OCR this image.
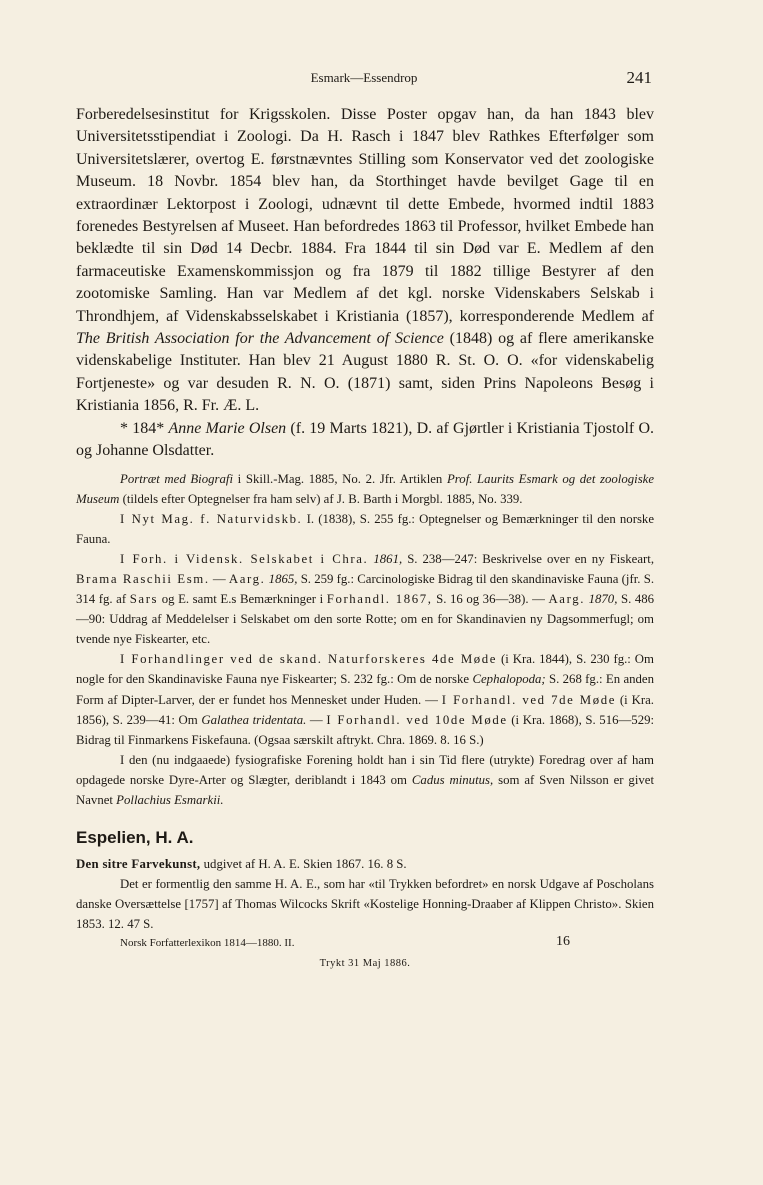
Esmark—Essendrop	241

Forberedelsesinstitut for Krigsskolen. Disse Poster opgav han, da han 1843 blev Universitetsstipendiat i Zoologi. Da H. Rasch i 1847 blev Rathkes Efterfølger som Universitetslærer, overtog E. førstnævntes Stilling som Konservator ved det zoologiske Museum. 18 Novbr. 1854 blev han, da Storthinget havde bevilget Gage til en extraordinær Lektorpost i Zoologi, udnævnt til dette Embede, hvormed indtil 1883 forenedes Bestyrelsen af Museet. Han befordredes 1863 til Professor, hvilket Embede han beklædte til sin Død 14 Decbr. 1884. Fra 1844 til sin Død var E. Medlem af den farmaceutiske Examenskommissjon og fra 1879 til 1882 tillige Bestyrer af den zootomiske Samling. Han var Medlem af det kgl. norske Videnskabers Selskab i Throndhjem, af Videnskabsselskabet i Kristiania (1857), korresponderende Medlem af The British Association for the Advancement of Science (1848) og af flere amerikanske videnskabelige Instituter. Han blev 21 August 1880 R. St. O. O. «for videnskabelig Fortjeneste» og var desuden R. N. O. (1871) samt, siden Prins Napoleons Besøg i Kristiania 1856, R. Fr. Æ. L.

* 184* Anne Marie Olsen (f. 19 Marts 1821), D. af Gjørtler i Kristiania Tjostolf O. og Johanne Olsdatter.

Portræt med Biografi i Skill.-Mag. 1885, No. 2. Jfr. Artiklen Prof. Laurits Esmark og det zoologiske Museum (tildels efter Optegnelser fra ham selv) af J. B. Barth i Morgbl. 1885, No. 339.

I Nyt Mag. f. Naturvidskb. I. (1838), S. 255 fg.: Optegnelser og Bemærkninger til den norske Fauna.

I Forh. i Vidensk. Selskabet i Chra. 1861, S. 238—247: Beskrivelse over en ny Fiskeart, Brama Raschii Esm. — Aarg. 1865, S. 259 fg.: Carcinologiske Bidrag til den skandinaviske Fauna (jfr. S. 314 fg. af Sars og E. samt E.s Bemærkninger i Forhandl. 1867, S. 16 og 36—38). — Aarg. 1870, S. 486—90: Uddrag af Meddelelser i Selskabet om den sorte Rotte; om en for Skandinavien ny Dagsommerfugl; om tvende nye Fiskearter, etc.

I Forhandlinger ved de skand. Naturforskeres 4de Møde (i Kra. 1844), S. 230 fg.: Om nogle for den Skandinaviske Fauna nye Fiskearter; S. 232 fg.: Om de norske Cephalopoda; S. 268 fg.: En anden Form af Dipter-Larver, der er fundet hos Mennesket under Huden. — I Forhandl. ved 7de Møde (i Kra. 1856), S. 239—41: Om Galathea tridentata. — I Forhandl. ved 10de Møde (i Kra. 1868), S. 516—529: Bidrag til Finmarkens Fiskefauna. (Ogsaa særskilt aftrykt. Chra. 1869. 8. 16 S.)

I den (nu indgaaede) fysiografiske Forening holdt han i sin Tid flere (utrykte) Foredrag over af ham opdagede norske Dyre-Arter og Slægter, deriblandt i 1843 om Cadus minutus, som af Sven Nilsson er givet Navnet Pollachius Esmarkii.

Espelien, H. A.

Den sitre Farvekunst, udgivet af H. A. E. Skien 1867. 16. 8 S.

Det er formentlig den samme H. A. E., som har «til Trykken befordret» en norsk Udgave af Poscholans danske Oversættelse [1757] af Thomas Wilcocks Skrift «Kostelige Honning-Draaber af Klippen Christo». Skien 1853. 12. 47 S.

Norsk Forfatterlexikon 1814—1880. II.	16
Trykt 31 Maj 1886.
